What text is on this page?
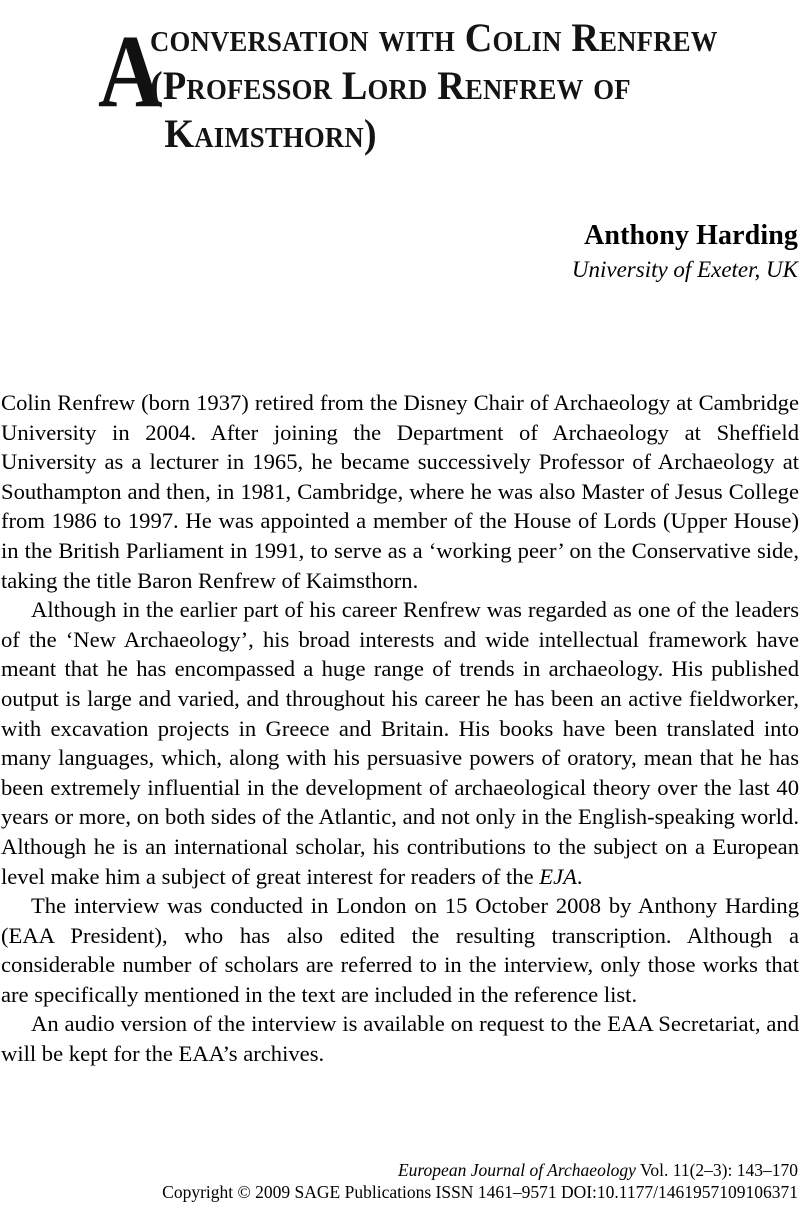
A
conversation with Colin Renfrew
(Professor Lord Renfrew of
Kaimsthorn)
Anthony Harding
University of Exeter, UK

Colin Renfrew (born 1937) retired from the Disney Chair of Archaeology at Cambridge University in 2004. After joining the Department of Archaeology at Sheffield University as a lecturer in 1965, he became successively Professor of Archaeology at Southampton and then, in 1981, Cambridge, where he was also Master of Jesus College from 1986 to 1997. He was appointed a member of the House of Lords (Upper House) in the British Parliament in 1991, to serve as a ‘working peer’ on the Conservative side, taking the title Baron Renfrew of Kaimsthorn.

Although in the earlier part of his career Renfrew was regarded as one of the leaders of the ‘New Archaeology’, his broad interests and wide intellectual framework have meant that he has encompassed a huge range of trends in archaeology. His published output is large and varied, and throughout his career he has been an active fieldworker, with excavation projects in Greece and Britain. His books have been translated into many languages, which, along with his persuasive powers of oratory, mean that he has been extremely influential in the development of archaeological theory over the last 40 years or more, on both sides of the Atlantic, and not only in the English-speaking world. Although he is an international scholar, his contributions to the subject on a European level make him a subject of great interest for readers of the EJA.

The interview was conducted in London on 15 October 2008 by Anthony Harding (EAA President), who has also edited the resulting transcription. Although a considerable number of scholars are referred to in the interview, only those works that are specifically mentioned in the text are included in the reference list.

An audio version of the interview is available on request to the EAA Secretariat, and will be kept for the EAA’s archives.

European Journal of Archaeology Vol. 11(2–3): 143–170
Copyright © 2009 SAGE Publications ISSN 1461–9571 DOI:10.1177/1461957109106371
